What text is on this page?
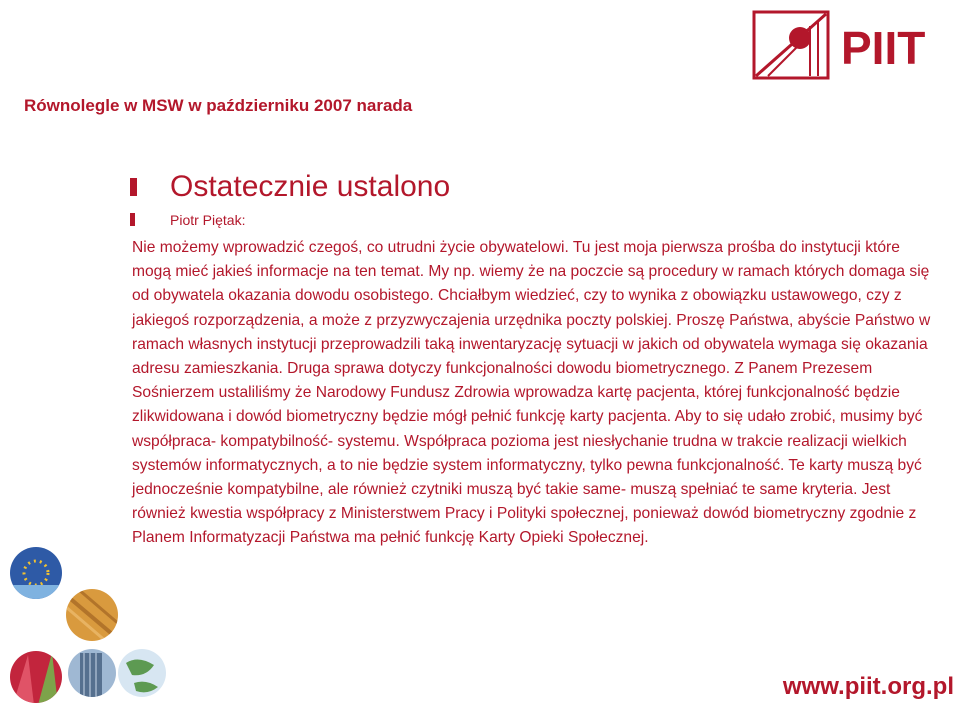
PIIT

Równolegle w MSW w październiku 2007 narada

Ostatecznie ustalono
Piotr Piętak:

Nie możemy wprowadzić czegoś, co utrudni życie obywatelowi. Tu jest moja pierwsza prośba do instytucji które mogą mieć jakieś informacje na ten temat. My np. wiemy że na poczcie są procedury w ramach których domaga się od obywatela okazania dowodu osobistego. Chciałbym wiedzieć, czy to wynika z obowiązku ustawowego, czy z jakiegoś rozporządzenia, a może z przyzwyczajenia urzędnika poczty polskiej. Proszę Państwa, abyście Państwo w ramach własnych instytucji przeprowadzili taką inwentaryzację sytuacji w jakich od obywatela wymaga się okazania adresu zamieszkania. Druga sprawa dotyczy funkcjonalności dowodu biometrycznego. Z Panem Prezesem Sośnierzem ustaliliśmy że Narodowy Fundusz Zdrowia wprowadza kartę pacjenta, której funkcjonalność będzie zlikwidowana i dowód biometryczny będzie mógł pełnić funkcję karty pacjenta. Aby to się udało zrobić, musimy być współpraca- kompatybilność- systemu. Współpraca pozioma jest niesłychanie trudna w trakcie realizacji wielkich systemów informatycznych, a to nie będzie system informatyczny, tylko pewna funkcjonalność. Te karty muszą być jednocześnie kompatybilne, ale również czytniki muszą być takie same- muszą spełniać te same kryteria. Jest również kwestia współpracy z Ministerstwem Pracy i Polityki społecznej, ponieważ dowód biometryczny zgodnie z Planem Informatyzacji Państwa ma pełnić funkcję Karty Opieki Społecznej.

www.piit.org.pl
